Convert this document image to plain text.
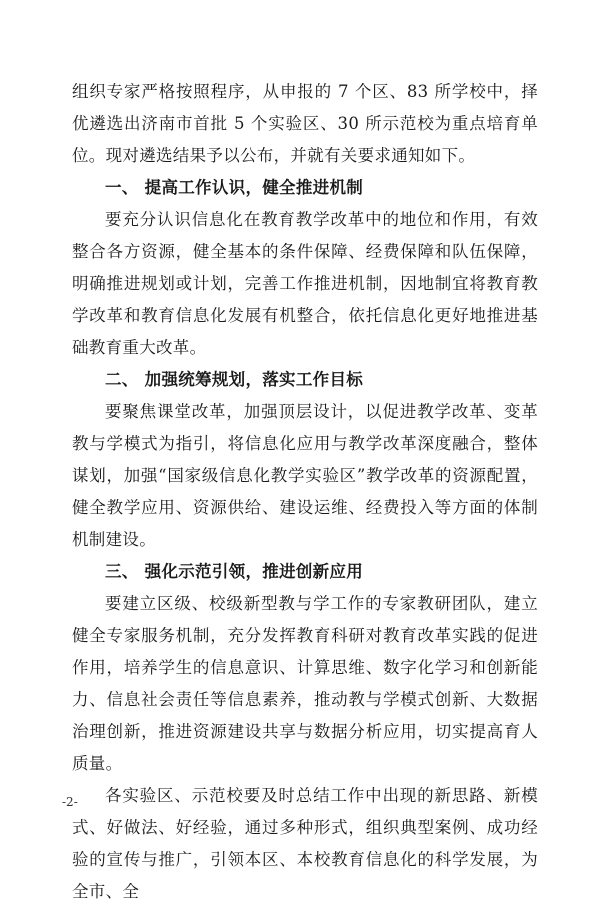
组织专家严格按照程序，从申报的 7 个区、83 所学校中，择优遴选出济南市首批 5 个实验区、30 所示范校为重点培育单位。现对遴选结果予以公布，并就有关要求通知如下。

一、 提高工作认识，健全推进机制

要充分认识信息化在教育教学改革中的地位和作用，有效整合各方资源，健全基本的条件保障、经费保障和队伍保障，明确推进规划或计划，完善工作推进机制，因地制宜将教育教学改革和教育信息化发展有机整合，依托信息化更好地推进基础教育重大改革。

二、 加强统筹规划，落实工作目标

要聚焦课堂改革，加强顶层设计，以促进教学改革、变革教与学模式为指引，将信息化应用与教学改革深度融合，整体谋划，加强“国家级信息化教学实验区”教学改革的资源配置，健全教学应用、资源供给、建设运维、经费投入等方面的体制机制建设。

三、 强化示范引领，推进创新应用

要建立区级、校级新型教与学工作的专家教研团队，建立健全专家服务机制，充分发挥教育科研对教育改革实践的促进作用，培养学生的信息意识、计算思维、数字化学习和创新能力、信息社会责任等信息素养，推动教与学模式创新、大数据治理创新，推进资源建设共享与数据分析应用，切实提高育人质量。

各实验区、示范校要及时总结工作中出现的新思路、新模式、好做法、好经验，通过多种形式，组织典型案例、成功经验的宣传与推广，引领本区、本校教育信息化的科学发展，为全市、全

-2-
